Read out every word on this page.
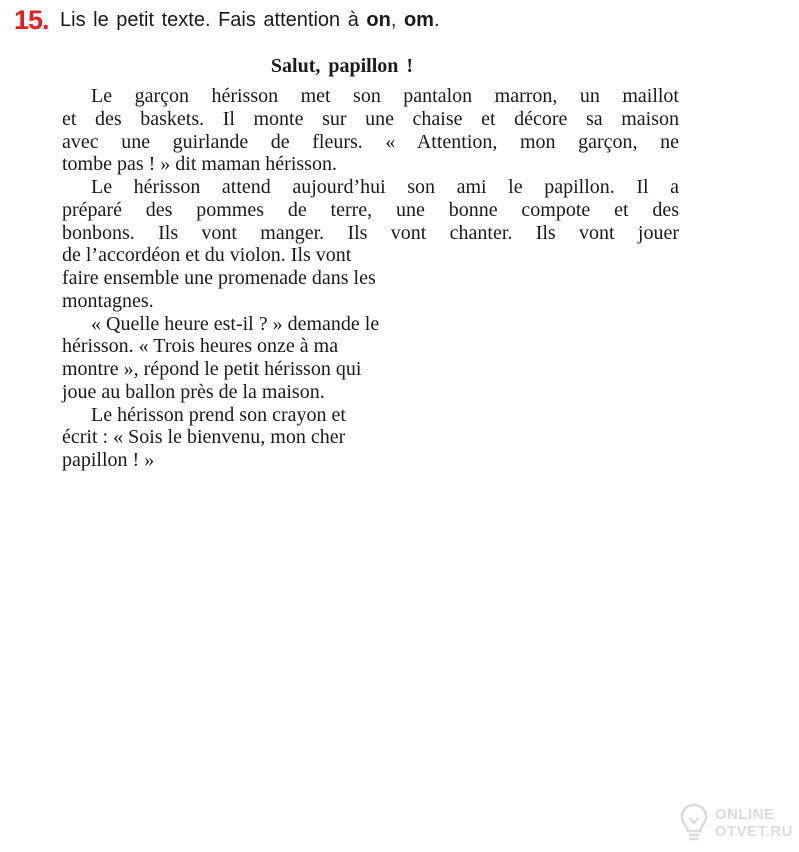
15. Lis le petit texte. Fais attention à on, om.
Salut, papillon !
Le garçon hérisson met son pantalon marron, un maillot
et des baskets. Il monte sur une chaise et décore sa maison
avec une guirlande de fleurs. « Attention, mon garçon, ne
tombe pas ! » dit maman hérisson.
Le hérisson attend aujourd’hui son ami le papillon. Il a
préparé des pommes de terre, une bonne compote et des
bonbons. Ils vont manger. Ils vont chanter. Ils vont jouer
de l’accordéon et du violon. Ils vont
faire ensemble une promenade dans les
montagnes.
« Quelle heure est-il ? » demande le
hérisson. « Trois heures onze à ma
montre », répond le petit hérisson qui
joue au ballon près de la maison.
Le hérisson prend son crayon et
écrit : « Sois le bienvenu, mon cher
papillon ! »
ONLINE
OTVET.RU
